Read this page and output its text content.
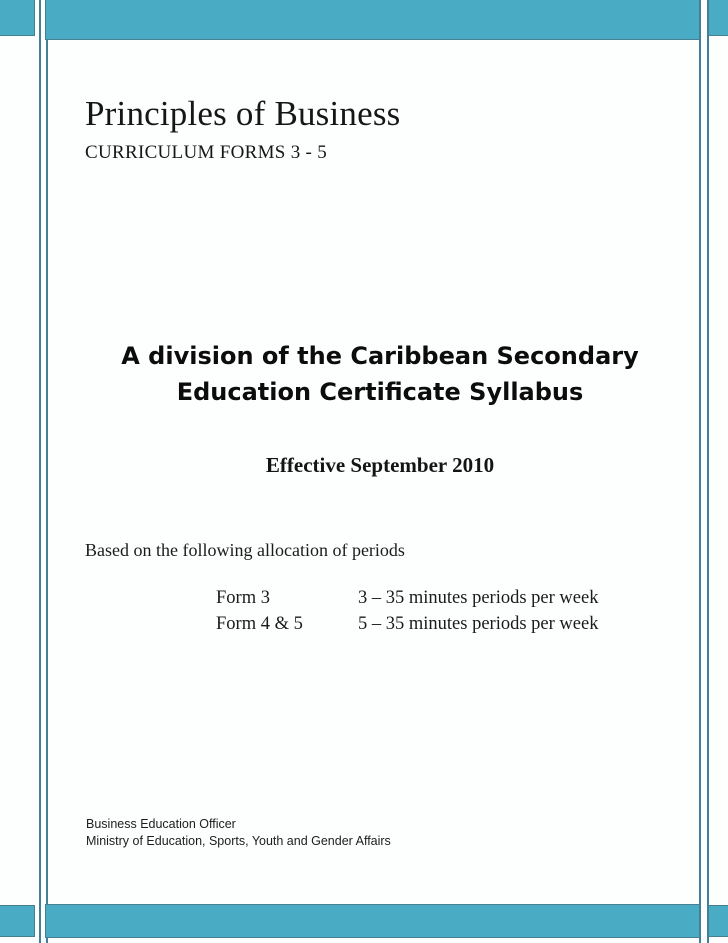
Principles of Business
CURRICULUM FORMS 3 - 5
A division of the Caribbean Secondary Education Certificate Syllabus
Effective September 2010
Based on the following allocation of periods
Form 3	3 – 35 minutes periods per week
Form 4 & 5	5 – 35 minutes periods per week
Business Education Officer
Ministry of Education, Sports, Youth and Gender Affairs
